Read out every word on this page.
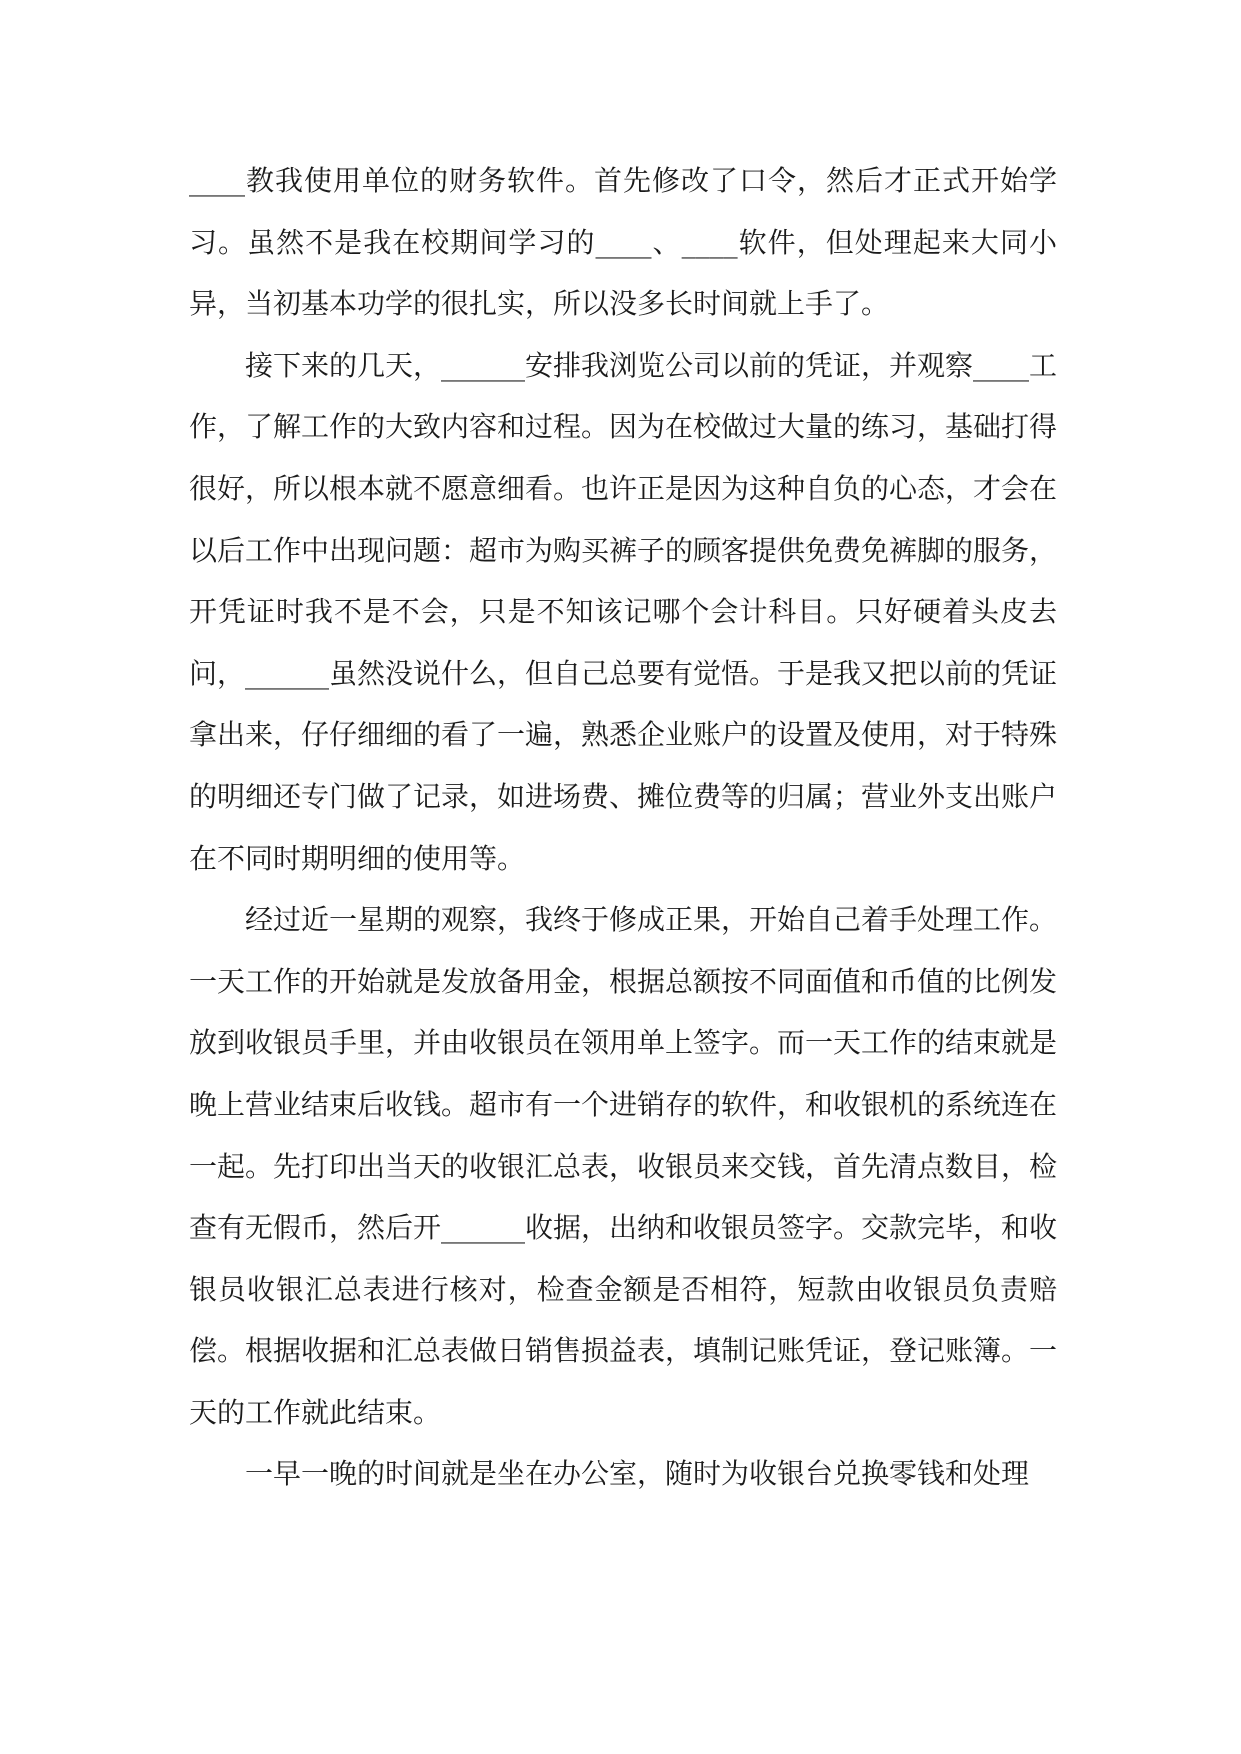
____教我使用单位的财务软件。首先修改了口令，然后才正式开始学习。虽然不是我在校期间学习的____、____软件，但处理起来大同小异，当初基本功学的很扎实，所以没多长时间就上手了。

接下来的几天，______安排我浏览公司以前的凭证，并观察____工作，了解工作的大致内容和过程。因为在校做过大量的练习，基础打得很好，所以根本就不愿意细看。也许正是因为这种自负的心态，才会在以后工作中出现问题：超市为购买裤子的顾客提供免费免裤脚的服务，开凭证时我不是不会，只是不知该记哪个会计科目。只好硬着头皮去问，______虽然没说什么，但自己总要有觉悟。于是我又把以前的凭证拿出来，仔仔细细的看了一遍，熟悉企业账户的设置及使用，对于特殊的明细还专门做了记录，如进场费、摊位费等的归属；营业外支出账户在不同时期明细的使用等。

经过近一星期的观察，我终于修成正果，开始自己着手处理工作。一天工作的开始就是发放备用金，根据总额按不同面值和币值的比例发放到收银员手里，并由收银员在领用单上签字。而一天工作的结束就是晚上营业结束后收钱。超市有一个进销存的软件，和收银机的系统连在一起。先打印出当天的收银汇总表，收银员来交钱，首先清点数目，检查有无假币，然后开______收据，出纳和收银员签字。交款完毕，和收银员收银汇总表进行核对，检查金额是否相符，短款由收银员负责赔偿。根据收据和汇总表做日销售损益表，填制记账凭证，登记账簿。一天的工作就此结束。

一早一晚的时间就是坐在办公室，随时为收银台兑换零钱和处理
